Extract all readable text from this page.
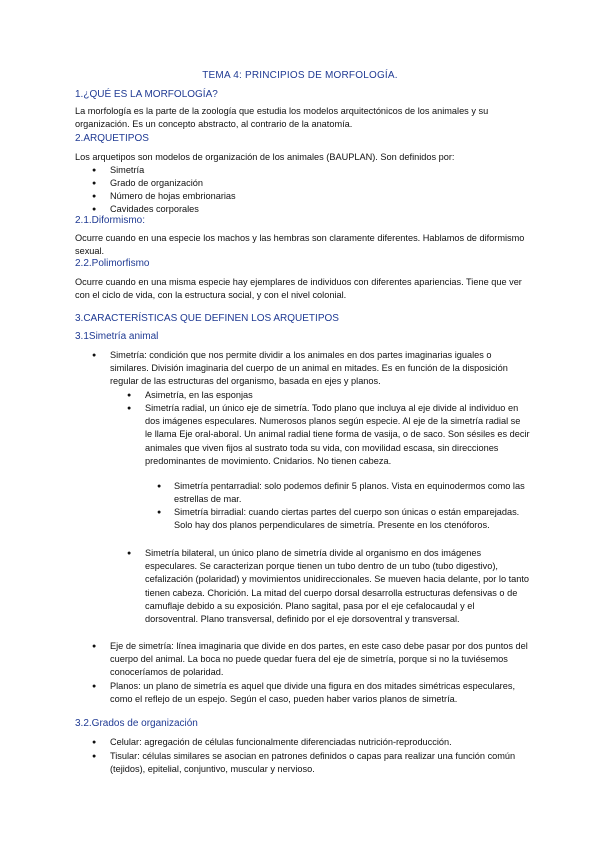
TEMA 4: PRINCIPIOS DE MORFOLOGÍA.
1.¿QUÉ ES LA MORFOLOGÍA?
La morfología es la parte de la zoología que estudia los modelos arquitectónicos de los animales y su organización. Es un concepto abstracto, al contrario de la anatomía.
2.ARQUETIPOS
Los arquetipos son modelos de organización de los animales (BAUPLAN). Son definidos por:
● Simetría
● Grado de organización
● Número de hojas embrionarias
● Cavidades corporales
2.1.Diformismo:
Ocurre cuando en una especie los machos y las hembras son claramente diferentes. Hablamos de diformismo sexual.
2.2.Polimorfismo
Ocurre cuando en una misma especie hay ejemplares de individuos con diferentes apariencias. Tiene que ver con el ciclo de vida, con la estructura social, y con el nivel colonial.
3.CARACTERÍSTICAS QUE DEFINEN LOS ARQUETIPOS
3.1Simetría animal
● Simetría: condición que nos permite dividir a los animales en dos partes imaginarias iguales o similares. División imaginaria del cuerpo de un animal en mitades. Es en función de la disposición regular de las estructuras del organismo, basada en ejes y planos.
● Asimetría, en las esponjas
● Simetría radial, un único eje de simetría. Todo plano que incluya al eje divide al individuo en dos imágenes especulares. Numerosos planos según especie. Al eje de la simetría radial se le llama Eje oral-aboral. Un animal radial tiene forma de vasija, o de saco. Son sésiles es decir animales que viven fijos al sustrato toda su vida, con movilidad escasa, sin direcciones predominantes de movimiento. Cnidarios. No tienen cabeza.
● Simetría pentarradial: solo podemos definir 5 planos. Vista en equinodermos como las estrellas de mar.
● Simetría birradial: cuando ciertas partes del cuerpo son únicas o están emparejadas. Solo hay dos planos perpendiculares de simetría. Presente en los ctenóforos.
● Simetría bilateral, un único plano de simetría divide al organismo en dos imágenes especulares. Se caracterizan porque tienen un tubo dentro de un tubo (tubo digestivo), cefalización (polaridad) y movimientos unidireccionales. Se mueven hacia delante, por lo tanto tienen cabeza. Chorición. La mitad del cuerpo dorsal desarrolla estructuras defensivas o de camuflaje debido a su exposición. Plano sagital, pasa por el eje cefalocaudal y el dorsoventral. Plano transversal, definido por el eje dorsoventral y transversal.
● Eje de simetría: línea imaginaria que divide en dos partes, en este caso debe pasar por dos puntos del cuerpo del animal. La boca no puede quedar fuera del eje de simetría, porque si no la tuviésemos conoceríamos de polaridad.
● Planos: un plano de simetría es aquel que divide una figura en dos mitades simétricas especulares, como el reflejo de un espejo. Según el caso, pueden haber varios planos de simetría.
3.2.Grados de organización
● Celular: agregación de células funcionalmente diferenciadas nutrición-reproducción.
● Tisular: células similares se asocian en patrones definidos o capas para realizar una función común (tejidos), epitelial, conjuntivo, muscular y nervioso.
